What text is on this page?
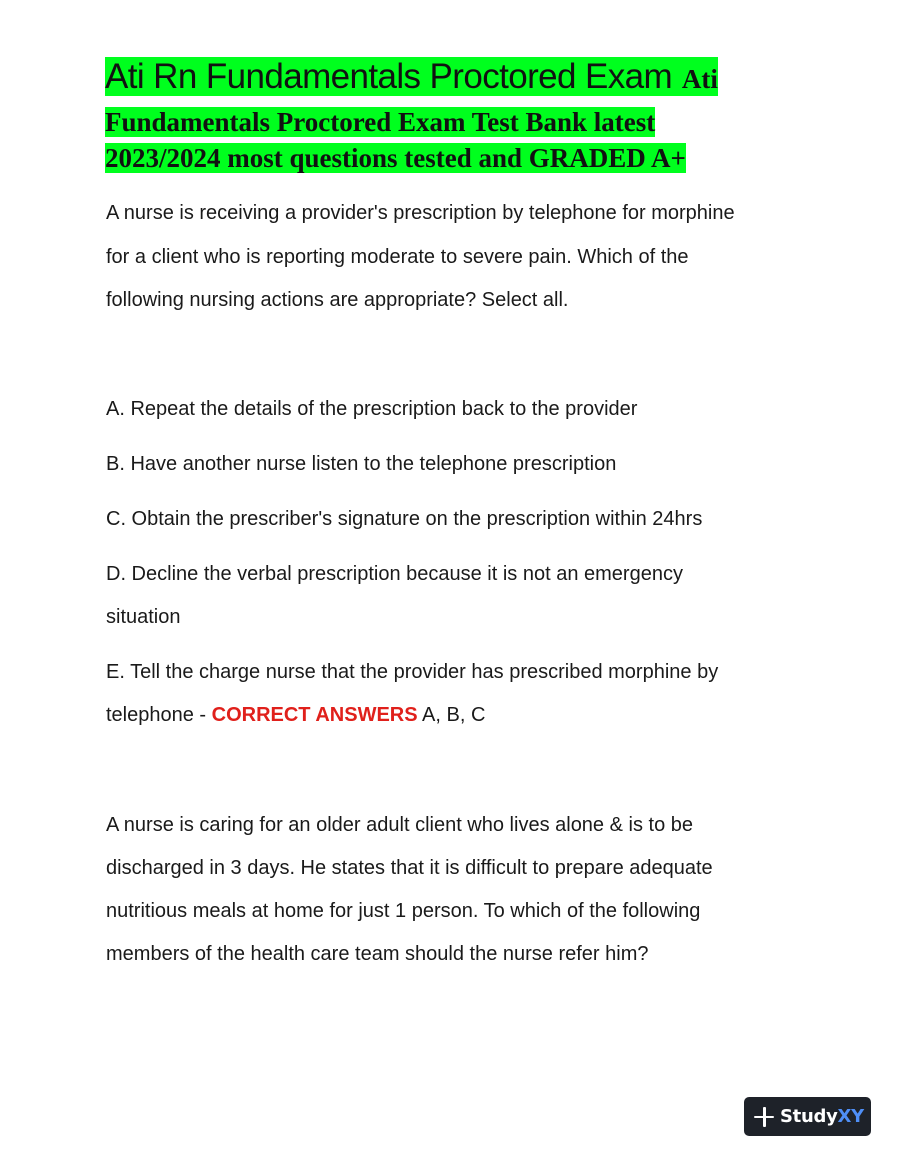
Ati Rn Fundamentals Proctored Exam Ati
Fundamentals Proctored Exam Test Bank latest
2023/2024 most questions tested and GRADED A+
A nurse is receiving a provider's prescription by telephone for morphine
for a client who is reporting moderate to severe pain. Which of the
following nursing actions are appropriate? Select all.
A. Repeat the details of the prescription back to the provider
B. Have another nurse listen to the telephone prescription
C. Obtain the prescriber's signature on the prescription within 24hrs
D. Decline the verbal prescription because it is not an emergency
situation
E. Tell the charge nurse that the provider has prescribed morphine by
telephone - CORRECT ANSWERS A, B, C
A nurse is caring for an older adult client who lives alone & is to be
discharged in 3 days. He states that it is difficult to prepare adequate
nutritious meals at home for just 1 person. To which of the following
members of the health care team should the nurse refer him?
StudyXY
